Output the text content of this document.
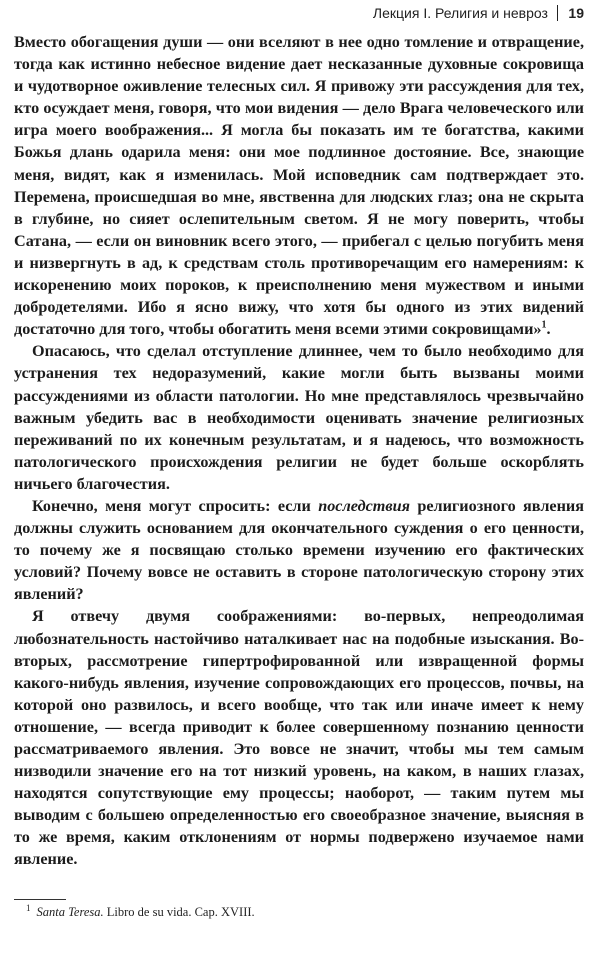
Лекция I. Религия и невроз 19

Вместо обогащения души — они вселяют в нее одно томление и отвращение, тогда как истинно небесное видение дает несказанные духовные сокровища и чудотворное оживление телесных сил. Я привожу эти рассуждения для тех, кто осуждает меня, говоря, что мои видения — дело Врага человеческого или игра моего воображения... Я могла бы показать им те богатства, какими Божья длань одарила меня: они мое подлинное достояние. Все, знающие меня, видят, как я изменилась. Мой исповедник сам подтверждает это. Перемена, происшедшая во мне, явственна для людских глаз; она не скрыта в глубине, но сияет ослепительным светом. Я не могу поверить, чтобы Сатана, — если он виновник всего этого, — прибегал с целью погубить меня и низвергнуть в ад, к средствам столь противоречащим его намерениям: к искоренению моих пороков, к преисполнению меня мужеством и иными добродетелями. Ибо я ясно вижу, что хотя бы одного из этих видений достаточно для того, чтобы обогатить меня всеми этими сокровищами»$^1$.

Опасаюсь, что сделал отступление длиннее, чем то было необходимо для устранения тех недоразумений, какие могли быть вызваны моими рассуждениями из области патологии. Но мне представлялось чрезвычайно важным убедить вас в необходимости оценивать значение религиозных переживаний по их конечным результатам, и я надеюсь, что возможность патологического происхождения религии не будет больше оскорблять ничьего благочестия.

Конечно, меня могут спросить: если последствия религиозного явления должны служить основанием для окончательного суждения о его ценности, то почему же я посвящаю столько времени изучению его фактических условий? Почему вовсе не оставить в стороне патологическую сторону этих явлений?

Я отвечу двумя соображениями: во-первых, непреодолимая любознательность настойчиво наталкивает нас на подобные изыскания. Во-вторых, рассмотрение гипертрофированной или извращенной формы какого-нибудь явления, изучение сопровождающих его процессов, почвы, на которой оно развилось, и всего вообще, что так или иначе имеет к нему отношение, — всегда приводит к более совершенному познанию ценности рассматриваемого явления. Это вовсе не значит, чтобы мы тем самым низводили значение его на тот низкий уровень, на каком, в наших глазах, находятся сопутствующие ему процессы; наоборот, — таким путем мы выводим с большею определенностью его своеобразное значение, выясняя в то же время, каким отклонениям от нормы подвержено изучаемое нами явление.

$^1$ Santa Teresa. Libro de su vida. Cap. XVIII.
